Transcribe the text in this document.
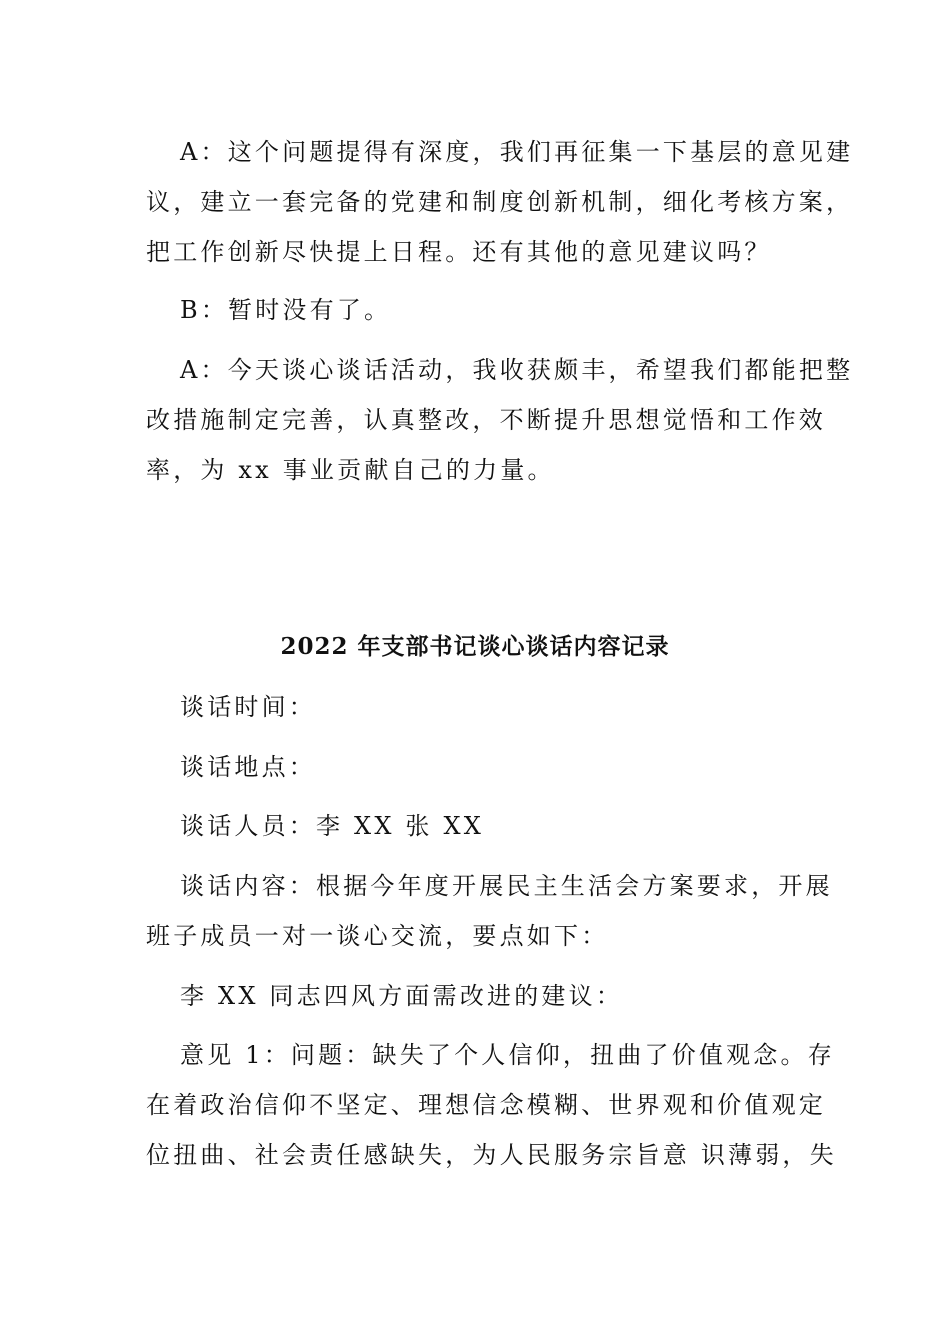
A：这个问题提得有深度，我们再征集一下基层的意见建
议，建立一套完备的党建和制度创新机制，细化考核方案，
把工作创新尽快提上日程。还有其他的意见建议吗？
B：暂时没有了。
A：今天谈心谈话活动，我收获颇丰，希望我们都能把整
改措施制定完善，认真整改，不断提升思想觉悟和工作效
率，为 xx 事业贡献自己的力量。
2022 年支部书记谈心谈话内容记录
谈话时间：
谈话地点：
谈话人员：李 XX 张 XX
谈话内容：根据今年度开展民主生活会方案要求，开展
班子成员一对一谈心交流，要点如下：
李 XX 同志四风方面需改进的建议：
意见 1：问题：缺失了个人信仰，扭曲了价值观念。存
在着政治信仰不坚定、理想信念模糊、世界观和价值观定
位扭曲、社会责任感缺失，为人民服务宗旨意 识薄弱，失
